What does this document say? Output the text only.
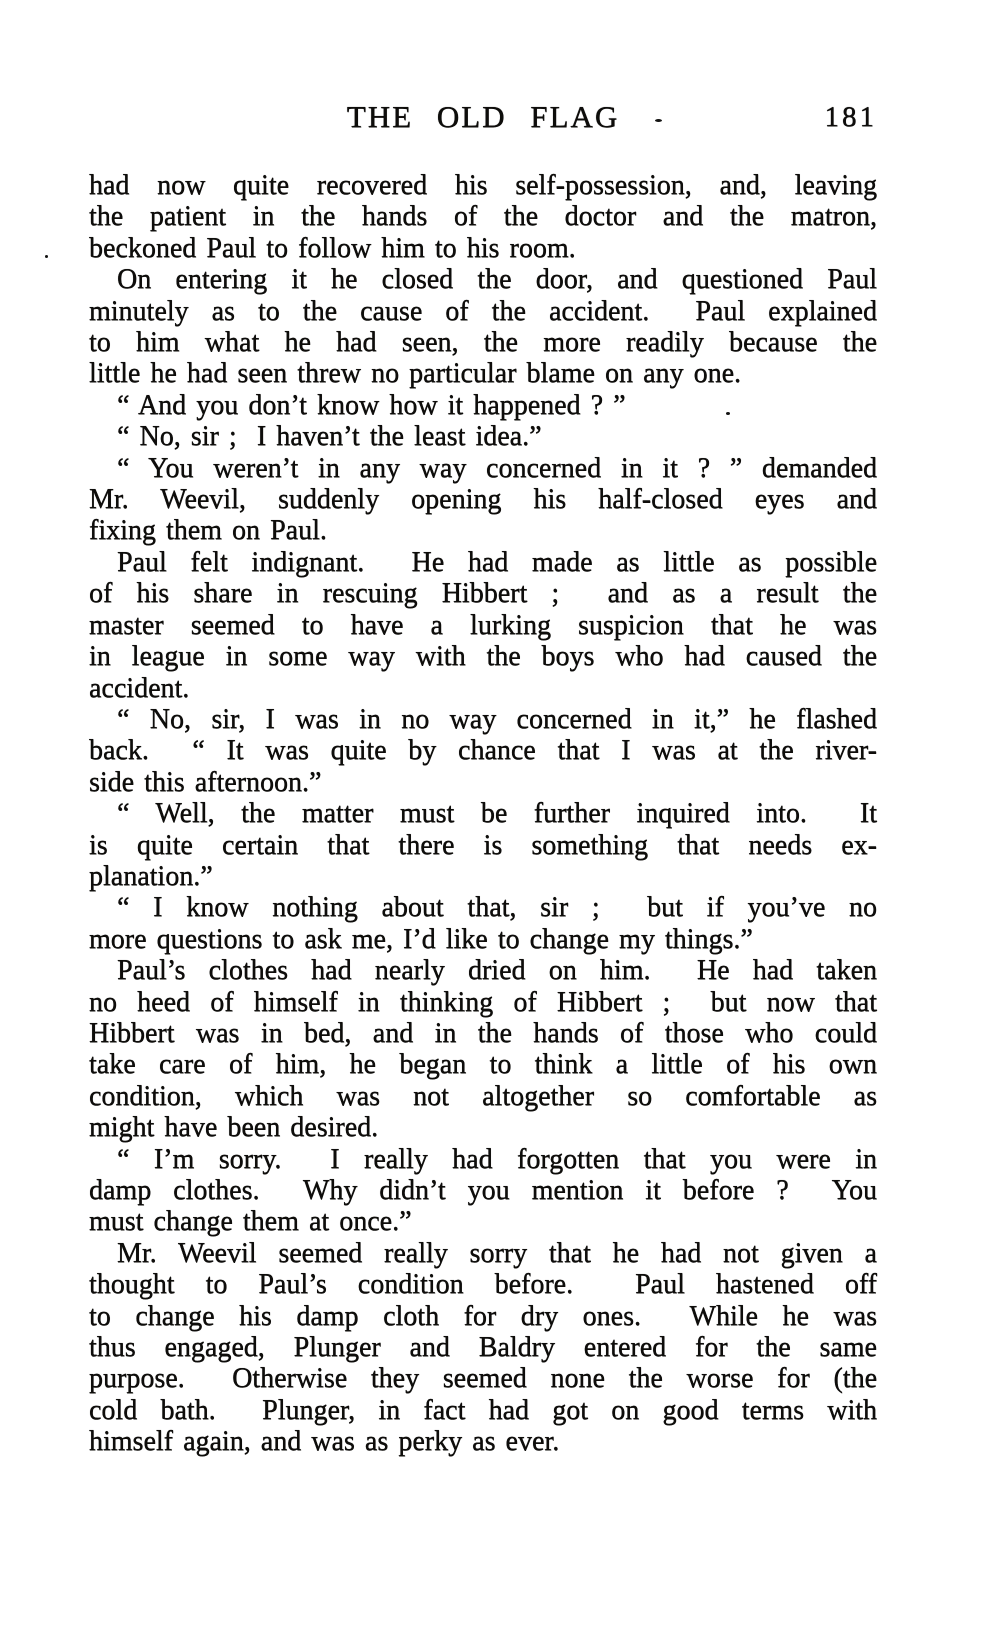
THE OLD FLAG	181
had now quite recovered his self-possession, and, leaving
the patient in the hands of the doctor and the matron,
beckoned Paul to follow him to his room.
On entering it he closed the door, and questioned Paul
minutely as to the cause of the accident.  Paul explained
to him what he had seen, the more readily because the
little he had seen threw no particular blame on any one.
“ And you don’t know how it happened ? ”
“ No, sir ;  I haven’t the least idea.”
“ You weren’t in any way concerned in it ? ” demanded
Mr. Weevil, suddenly opening his half-closed eyes and
fixing them on Paul.
Paul felt indignant.  He had made as little as possible
of his share in rescuing Hibbert ;  and as a result the
master seemed to have a lurking suspicion that he was
in league in some way with the boys who had caused the
accident.
“ No, sir, I was in no way concerned in it,” he flashed
back.  “ It was quite by chance that I was at the river-
side this afternoon.”
“ Well, the matter must be further inquired into.  It
is quite certain that there is something that needs ex-
planation.”
“ I know nothing about that, sir ;  but if you’ve no
more questions to ask me, I’d like to change my things.”
Paul’s clothes had nearly dried on him.  He had taken
no heed of himself in thinking of Hibbert ;  but now that
Hibbert was in bed, and in the hands of those who could
take care of him, he began to think a little of his own
condition, which was not altogether so comfortable as
might have been desired.
“ I’m sorry.  I really had forgotten that you were in
damp clothes.  Why didn’t you mention it before ?  You
must change them at once.”
Mr. Weevil seemed really sorry that he had not given a
thought to Paul’s condition before.  Paul hastened off
to change his damp cloth for dry ones.  While he was
thus engaged, Plunger and Baldry entered for the same
purpose.  Otherwise they seemed none the worse for (the
cold bath.  Plunger, in fact had got on good terms with
himself again, and was as perky as ever.
